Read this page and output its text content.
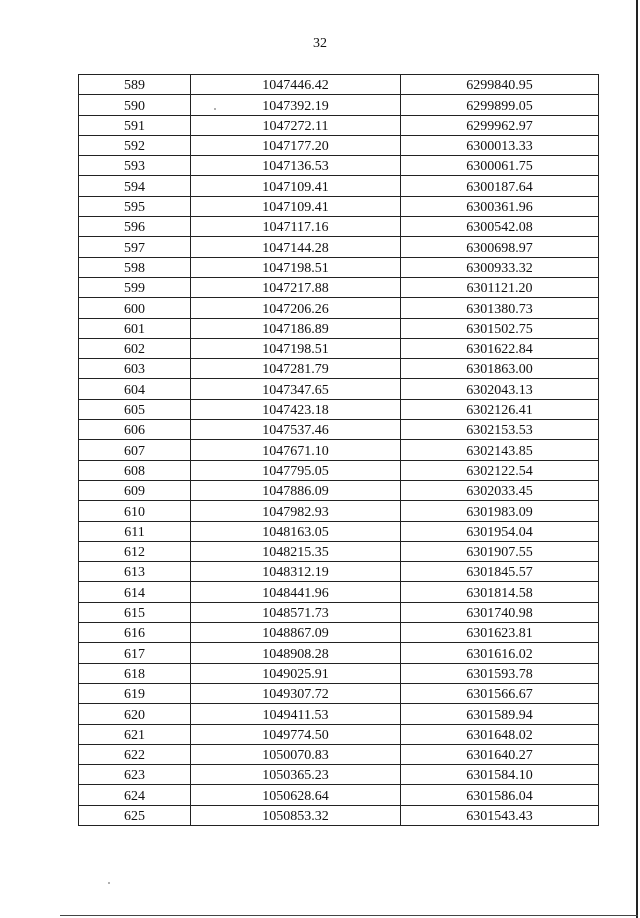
32
589	1047446.42	6299840.95
590	1047392.19	6299899.05
591	1047272.11	6299962.97
592	1047177.20	6300013.33
593	1047136.53	6300061.75
594	1047109.41	6300187.64
595	1047109.41	6300361.96
596	1047117.16	6300542.08
597	1047144.28	6300698.97
598	1047198.51	6300933.32
599	1047217.88	6301121.20
600	1047206.26	6301380.73
601	1047186.89	6301502.75
602	1047198.51	6301622.84
603	1047281.79	6301863.00
604	1047347.65	6302043.13
605	1047423.18	6302126.41
606	1047537.46	6302153.53
607	1047671.10	6302143.85
608	1047795.05	6302122.54
609	1047886.09	6302033.45
610	1047982.93	6301983.09
611	1048163.05	6301954.04
612	1048215.35	6301907.55
613	1048312.19	6301845.57
614	1048441.96	6301814.58
615	1048571.73	6301740.98
616	1048867.09	6301623.81
617	1048908.28	6301616.02
618	1049025.91	6301593.78
619	1049307.72	6301566.67
620	1049411.53	6301589.94
621	1049774.50	6301648.02
622	1050070.83	6301640.27
623	1050365.23	6301584.10
624	1050628.64	6301586.04
625	1050853.32	6301543.43
